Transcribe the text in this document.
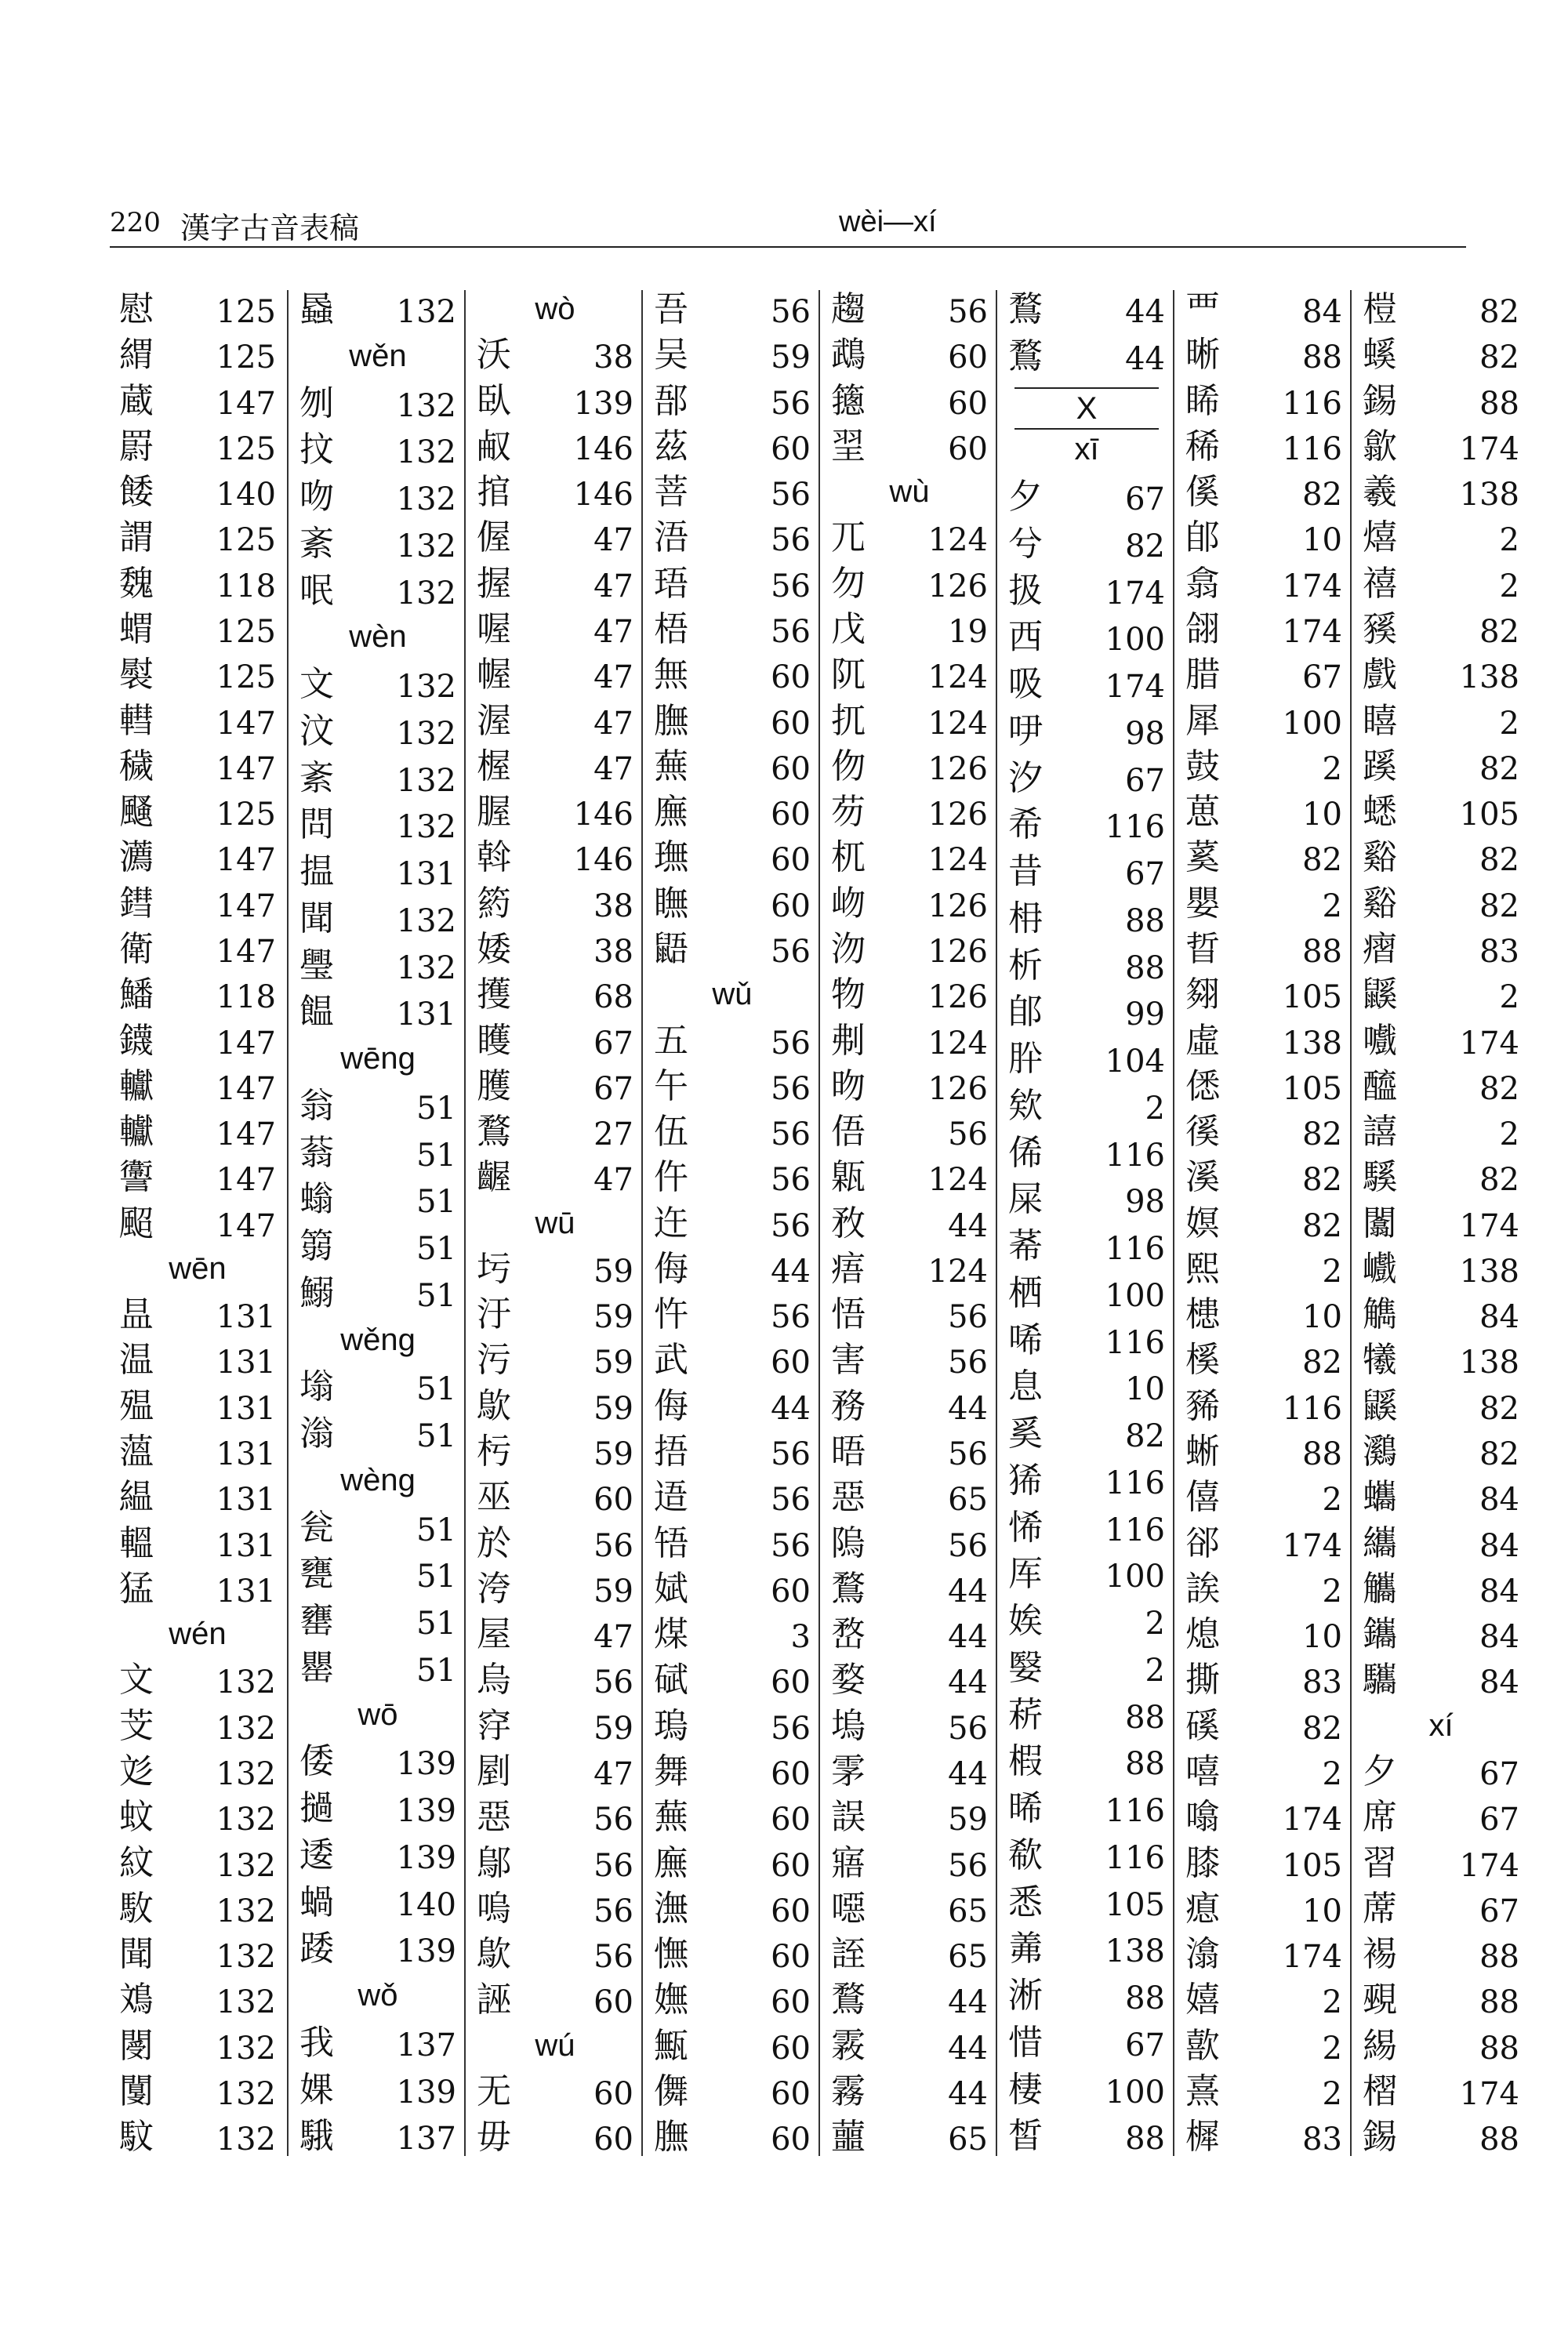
220 漢字古音表稿	wèi—xí
慰 125
緭 125
蔵 147
罻 125
餧 140
謂 125
魏 118
蝟 125
褽 125
轊 147
穢 147
颾 125
瀳 147
鏏 147
衛 147
鱕 118
鑖 147
䡾 147
䡾 147
讏 147
䫿 147
wēn
昷 131
温 131
殟 131
薀 131
緼 131
轀 131
猛 131
wén
文 132
芠 132
彣 132
蚊 132
紋 132
駇 132
聞 132
鳼 132
閿 132
闅 132
馼 132
蟁 132
wěn
刎 132
抆 132
吻 132
紊 132
呡 132
wèn
文 132
汶 132
紊 132
問 132
揾 131
聞 132
璺 132
饂 131
wēng
翁	51
蓊	51
螉	51
篛	51
鰯	51
wěng
塕	51
滃	51
wèng
瓮	51
甕	51
罋	51
罌	51
wō
倭 139
撾 139
逶 139
蝸 140
踒 139
wǒ
我 137
婐 139
騀 137
wò
沃	38
臥 139
㕟 146
捾 146
偓	47
握	47
喔	47
幄	47
渥	47
楃	47
腛 146
斡 146
箹	38
婑	38
擭	68
矆	67
臒	67
鶩	27
齷	47
wū
圬	59
汙	59
污	59
歍	59
杇	59
巫	60
於	56
洿	59
屋	47
烏	56
窏	59
剭	47
惡	56
鄔	56
嗚	56
歍	56
誣	60
wú
无	60
毋	60
吾	56
吴	59
郚	56
茲	60
菩	56
浯	56
珸	56
梧	56
無	60
膴	60
蕪	60
廡	60
璑	60
瞴	60
鼯	56
wǔ
五	56
午	56
伍	56
仵	56
迕	56
侮	44
忤	56
武	60
侮	44
捂	56
逜	56
啎	56
娬	60
煤	3
碔	60
瑦	56
舞	60
蕪	60
廡	60
潕	60
憮	60
嫵	60
甒	60
儛	60
膴	60
趨	56
鵡	60
䉥	60
䍿	60
wù
兀 124
勿 126
戊	19
阢 124
扤 124
伆 126
芴 126
杌 124
岉 126
沕 126
物 126
刜 124
昒 126
俉	56
甈 124
敄	44
痦 124
悟	56
害	56
務	44
晤	56
惡	65
隖	56
鶩	44
嵍	44
婺	44
塢	56
雺	44
誤	59
寤	56
噁	65
誈	65
鶩	44
霚	44
霧	44
蘁	65
鶩	44
鶩	44
X
xī
夕	67
兮	82
扱 174
西 100
吸 174
吚	98
汐	67
希 116
昔	67
枏	88
析	88
郋	99
肸 104
欸	2
俙 116
屎	98
莃 116
栖 100
唏 116
息	10
奚	82
狶 116
悕 116
厍 100
娭	2
嫛	2
菥	88
椵	88
晞 116
欷 116
悉 105
羛 138
淅	88
惜	67
棲 100
皙	88
覀	84
晰	88
睎 116
稀 116
傒	82
郋	10
翕 174
翖 174
腊	67
犀 100
鼓	2
葸	10
蒵	82
嬰	2
晢	88
翗 105
虛 138
僁 105
徯	82
溪	82
嫇	82
熙	2
槵	10
榽	82
豨 116
蜥	88
僖	2
郤 174
誒	2
熄	10
撕	83
磎	82
嘻	2
噏 174
膝 105
瘜	10
潝 174
嬉	2
歖	2
熹	2
樨	83
榿	82
螇	82
錫	88
歙 174
羲 138
熺	2
禧	2
豯	82
戲 138
瞦	2
蹊	82
蟋 105
谿	82
谿	82
㿇	83
鼷	2
嚱 174
醯	82
譆	2
騱	82
闟 174
巇 138
觹	84
犧 138
鼷	82
鸂	82
蠵	84
纗	84
觿	84
鑴	84
驨	84
xí
夕	67
席	67
習 174
蓆	67
裼	88
覡	88
緆	88
槢 174
錫	88
